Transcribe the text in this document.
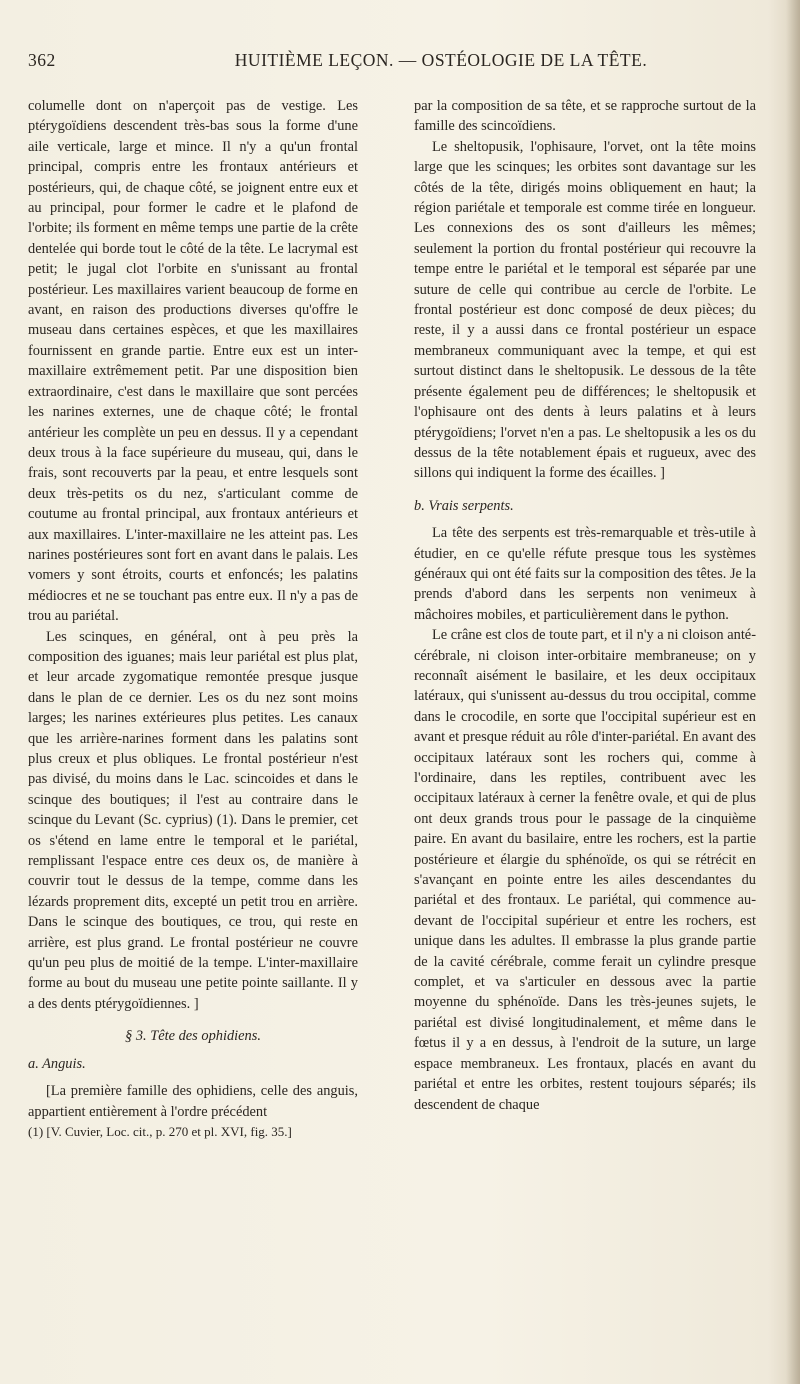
362	HUITIÈME LEÇON. — OSTÉOLOGIE DE LA TÊTE.

columelle dont on n'aperçoit pas de vestige. Les ptérygoïdiens descendent très-bas sous la forme d'une aile verticale, large et mince. Il n'y a qu'un frontal principal, compris entre les frontaux antérieurs et postérieurs, qui, de chaque côté, se joignent entre eux et au principal, pour former le cadre et le plafond de l'orbite; ils forment en même temps une partie de la crête dentelée qui borde tout le côté de la tête. Le lacrymal est petit; le jugal clot l'orbite en s'unissant au frontal postérieur. Les maxillaires varient beaucoup de forme en avant, en raison des productions diverses qu'offre le museau dans certaines espèces, et que les maxillaires fournissent en grande partie. Entre eux est un inter-maxillaire extrêmement petit. Par une disposition bien extraordinaire, c'est dans le maxillaire que sont percées les narines externes, une de chaque côté; le frontal antérieur les complète un peu en dessus. Il y a cependant deux trous à la face supérieure du museau, qui, dans le frais, sont recouverts par la peau, et entre lesquels sont deux très-petits os du nez, s'articulant comme de coutume au frontal principal, aux frontaux antérieurs et aux maxillaires. L'inter-maxillaire ne les atteint pas. Les narines postérieures sont fort en avant dans le palais. Les vomers y sont étroits, courts et enfoncés; les palatins médiocres et ne se touchant pas entre eux. Il n'y a pas de trou au pariétal.

Les scinques, en général, ont à peu près la composition des iguanes; mais leur pariétal est plus plat, et leur arcade zygomatique remontée presque jusque dans le plan de ce dernier. Les os du nez sont moins larges; les narines extérieures plus petites. Les canaux que les arrière-narines forment dans les palatins sont plus creux et plus obliques. Le frontal postérieur n'est pas divisé, du moins dans le Lac. scincoides et dans le scinque des boutiques; il l'est au contraire dans le scinque du Levant (Sc. cyprius) (1). Dans le premier, cet os s'étend en lame entre le temporal et le pariétal, remplissant l'espace entre ces deux os, de manière à couvrir tout le dessus de la tempe, comme dans les lézards proprement dits, excepté un petit trou en arrière. Dans le scinque des boutiques, ce trou, qui reste en arrière, est plus grand. Le frontal postérieur ne couvre qu'un peu plus de moitié de la tempe. L'inter-maxillaire forme au bout du museau une petite pointe saillante. Il y a des dents ptérygoïdiennes. ]

§ 3. Tête des ophidiens.

a. Anguis.

[La première famille des ophidiens, celle des anguis, appartient entièrement à l'ordre précédent

(1) [V. Cuvier, Loc. cit., p. 270 et pl. XVI, fig. 35.]

par la composition de sa tête, et se rapproche surtout de la famille des scincoïdiens.

Le sheltopusik, l'ophisaure, l'orvet, ont la tête moins large que les scinques; les orbites sont davantage sur les côtés de la tête, dirigés moins obliquement en haut; la région pariétale et temporale est comme tirée en longueur. Les connexions des os sont d'ailleurs les mêmes; seulement la portion du frontal postérieur qui recouvre la tempe entre le pariétal et le temporal est séparée par une suture de celle qui contribue au cercle de l'orbite. Le frontal postérieur est donc composé de deux pièces; du reste, il y a aussi dans ce frontal postérieur un espace membraneux communiquant avec la tempe, et qui est surtout distinct dans le sheltopusik. Le dessous de la tête présente également peu de différences; le sheltopusik et l'ophisaure ont des dents à leurs palatins et à leurs ptérygoïdiens; l'orvet n'en a pas. Le sheltopusik a les os du dessus de la tête notablement épais et rugueux, avec des sillons qui indiquent la forme des écailles. ]

b. Vrais serpents.

La tête des serpents est très-remarquable et très-utile à étudier, en ce qu'elle réfute presque tous les systèmes généraux qui ont été faits sur la composition des têtes. Je la prends d'abord dans les serpents non venimeux à mâchoires mobiles, et particulièrement dans le python.

Le crâne est clos de toute part, et il n'y a ni cloison anté-cérébrale, ni cloison inter-orbitaire membraneuse; on y reconnaît aisément le basilaire, et les deux occipitaux latéraux, qui s'unissent au-dessus du trou occipital, comme dans le crocodile, en sorte que l'occipital supérieur est en avant et presque réduit au rôle d'inter-pariétal. En avant des occipitaux latéraux sont les rochers qui, comme à l'ordinaire, dans les reptiles, contribuent avec les occipitaux latéraux à cerner la fenêtre ovale, et qui de plus ont deux grands trous pour le passage de la cinquième paire. En avant du basilaire, entre les rochers, est la partie postérieure et élargie du sphénoïde, os qui se rétrécit en s'avançant en pointe entre les ailes descendantes du pariétal et des frontaux. Le pariétal, qui commence au-devant de l'occipital supérieur et entre les rochers, est unique dans les adultes. Il embrasse la plus grande partie de la cavité cérébrale, comme ferait un cylindre presque complet, et va s'articuler en dessous avec la partie moyenne du sphénoïde. Dans les très-jeunes sujets, le pariétal est divisé longitudinalement, et même dans le fœtus il y a en dessus, à l'endroit de la suture, un large espace membraneux. Les frontaux, placés en avant du pariétal et entre les orbites, restent toujours séparés; ils descendent de chaque
